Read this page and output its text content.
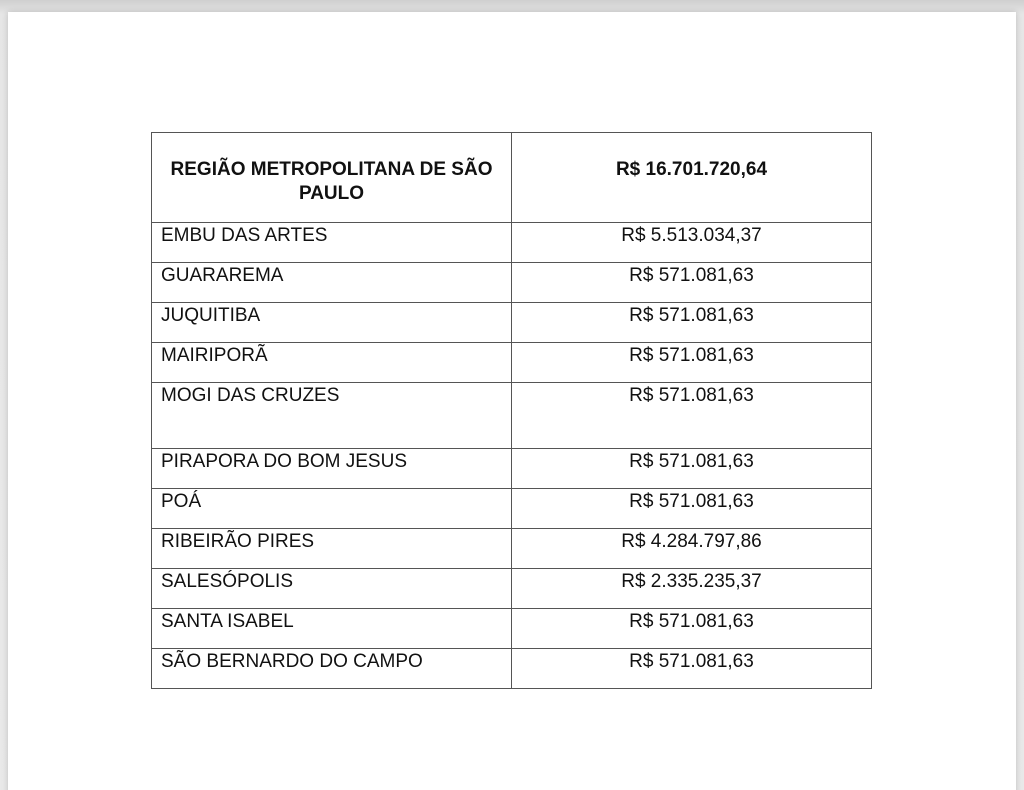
REGIÃO METROPOLITANA DE SÃO PAULO	R$ 16.701.720,64

EMBU DAS ARTES	R$ 5.513.034,37

GUARAREMA	R$ 571.081,63

JUQUITIBA	R$ 571.081,63

MAIRIPORÃ	R$ 571.081,63

MOGI DAS CRUZES	R$ 571.081,63

PIRAPORA DO BOM JESUS	R$ 571.081,63

POÁ	R$ 571.081,63

RIBEIRÃO PIRES	R$ 4.284.797,86

SALESÓPOLIS	R$ 2.335.235,37

SANTA ISABEL	R$ 571.081,63

SÃO BERNARDO DO CAMPO	R$ 571.081,63
